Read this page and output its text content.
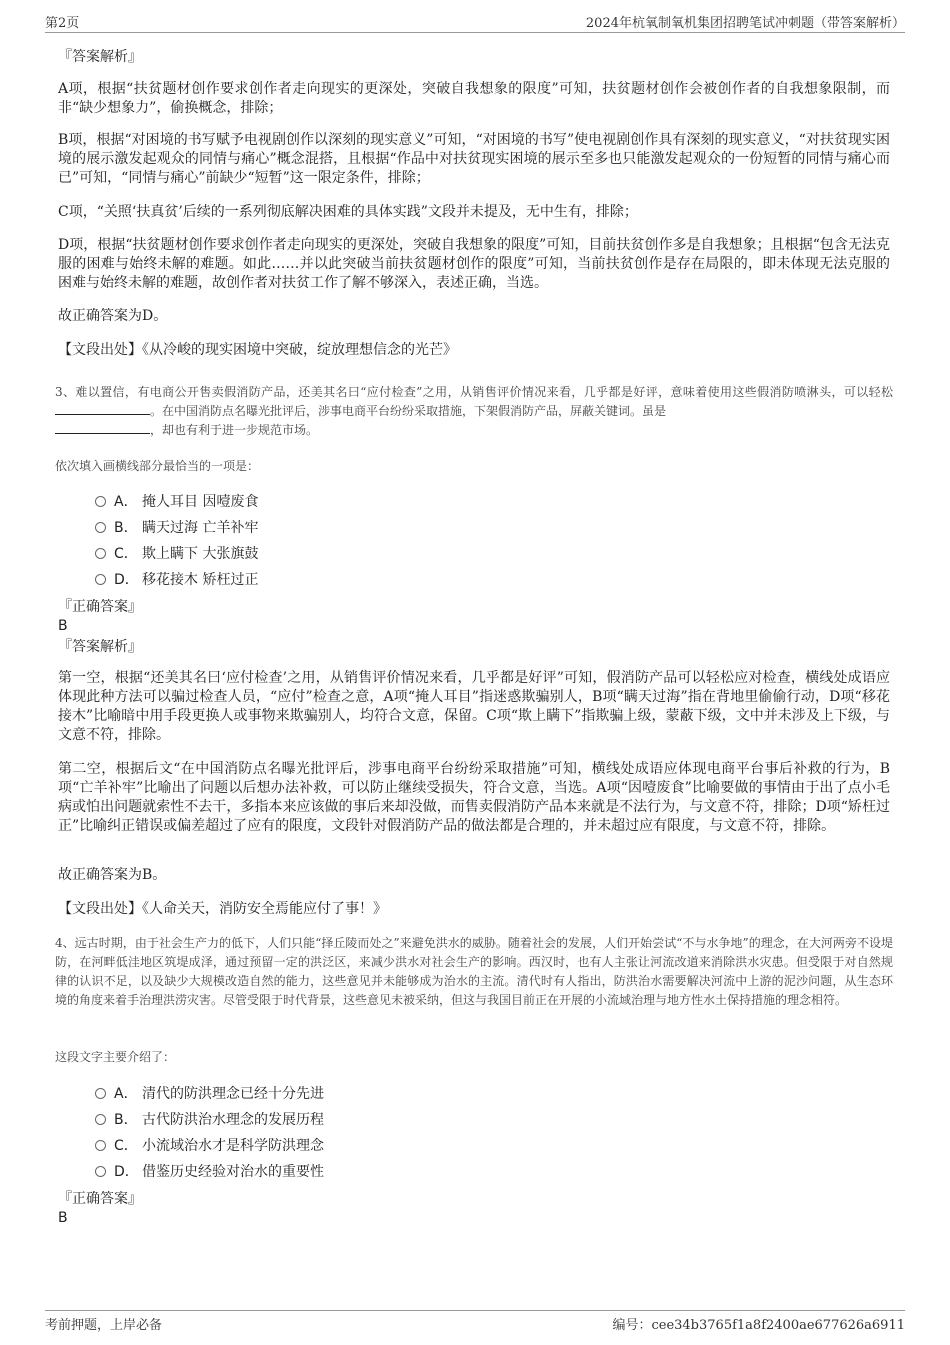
第2页	2024年杭氧制氧机集团招聘笔试冲刺题（带答案解析）

『答案解析』

A项，根据“扶贫题材创作要求创作者走向现实的更深处，突破自我想象的限度”可知，扶贫题材创作会被创作者的自我想象限制，而非“缺少想象力”，偷换概念，排除；

B项，根据“对困境的书写赋予电视剧创作以深刻的现实意义”可知，“对困境的书写”使电视剧创作具有深刻的现实意义，“对扶贫现实困境的展示激发起观众的同情与痛心”概念混搭，且根据“作品中对扶贫现实困境的展示至多也只能激发起观众的一份短暂的同情与痛心而已”可知，“同情与痛心”前缺少“短暂”这一限定条件，排除；

C项，“关照‘扶真贫’后续的一系列彻底解决困难的具体实践”文段并未提及，无中生有，排除；

D项，根据“扶贫题材创作要求创作者走向现实的更深处，突破自我想象的限度”可知，目前扶贫创作多是自我想象；且根据“包含无法克服的困难与始终未解的难题。如此……并以此突破当前扶贫题材创作的限度”可知，当前扶贫创作是存在局限的，即未体现无法克服的困难与始终未解的难题，故创作者对扶贫工作了解不够深入，表述正确，当选。

故正确答案为D。

【文段出处】《从冷峻的现实困境中突破，绽放理想信念的光芒》

3、难以置信，有电商公开售卖假消防产品，还美其名曰“应付检查”之用，从销售评价情况来看，几乎都是好评，意味着使用这些假消防喷淋头，可以轻松 。在中国消防点名曝光批评后，涉事电商平台纷纷采取措施，下架假消防产品，屏蔽关键词。虽是
，却也有利于进一步规范市场。

依次填入画横线部分最恰当的一项是：

A． 掩人耳目 因噎废食
B． 瞒天过海 亡羊补牢
C． 欺上瞒下 大张旗鼓
D． 移花接木 矫枉过正

『正确答案』

B

『答案解析』

第一空，根据“还美其名曰‘应付检查’之用，从销售评价情况来看，几乎都是好评”可知，假消防产品可以轻松应对检查，横线处成语应体现此种方法可以骗过检查人员，“应付”检查之意，A项“掩人耳目”指迷惑欺骗别人，B项“瞒天过海”指在背地里偷偷行动，D项“移花接木”比喻暗中用手段更换人或事物来欺骗别人，均符合文意，保留。C项“欺上瞒下”指欺骗上级，蒙蔽下级，文中并未涉及上下级，与文意不符，排除。

第二空，根据后文“在中国消防点名曝光批评后，涉事电商平台纷纷采取措施”可知，横线处成语应体现电商平台事后补救的行为，B项“亡羊补牢”比喻出了问题以后想办法补救，可以防止继续受损失，符合文意，当选。A项“因噎废食”比喻要做的事情由于出了点小毛病或怕出问题就索性不去干，多指本来应该做的事后来却没做，而售卖假消防产品本来就是不法行为，与文意不符，排除；D项“矫枉过正”比喻纠正错误或偏差超过了应有的限度，文段针对假消防产品的做法都是合理的，并未超过应有限度，与文意不符，排除。

故正确答案为B。

【文段出处】《人命关天，消防安全焉能应付了事！》

4、远古时期，由于社会生产力的低下，人们只能“择丘陵而处之”来避免洪水的威胁。随着社会的发展，人们开始尝试“不与水争地”的理念，在大河两旁不设堤防，在河畔低洼地区筑堤成泽，通过预留一定的洪泛区，来减少洪水对社会生产的影响。西汉时，也有人主张让河流改道来消除洪水灾患。但受限于对自然规律的认识不足，以及缺少大规模改造自然的能力，这些意见并未能够成为治水的主流。清代时有人指出，防洪治水需要解决河流中上游的泥沙问题，从生态环境的角度来着手治理洪涝灾害。尽管受限于时代背景，这些意见未被采纳，但这与我国目前正在开展的小流域治理与地方性水土保持措施的理念相符。

这段文字主要介绍了：

A． 清代的防洪理念已经十分先进
B． 古代防洪治水理念的发展历程
C． 小流域治水才是科学防洪理念
D． 借鉴历史经验对治水的重要性

『正确答案』

B

考前押题，上岸必备	编号：cee34b3765f1a8f2400ae677626a6911
